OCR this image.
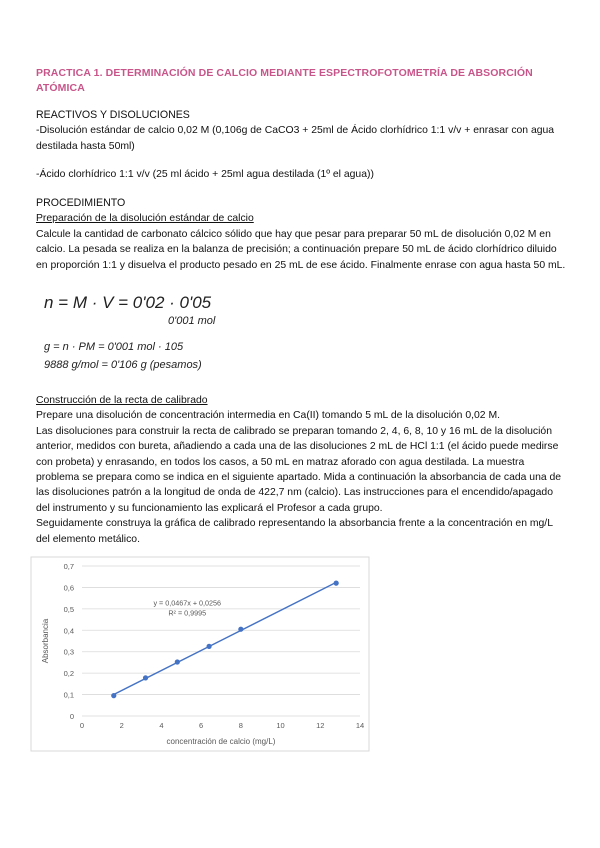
PRACTICA 1. DETERMINACIÓN DE CALCIO MEDIANTE ESPECTROFOTOMETRÍA DE ABSORCIÓN ATÓMICA
REACTIVOS Y DISOLUCIONES
-Disolución estándar de calcio 0,02 M (0,106g de CaCO3 + 25ml de Ácido clorhídrico 1:1 v/v + enrasar con agua destilada hasta 50ml)
-Ácido clorhídrico 1:1 v/v (25 ml ácido + 25ml agua destilada (1º el agua))
PROCEDIMIENTO
Preparación de la disolución estándar de calcio
Calcule la cantidad de carbonato cálcico sólido que hay que pesar para preparar 50 mL de disolución 0,02 M en calcio. La pesada se realiza en la balanza de precisión; a continuación prepare 50 mL de ácido clorhídrico diluido en proporción 1:1 y disuelva el producto pesado en 25 mL de ese ácido. Finalmente enrase con agua hasta 50 mL.
n = M · V = 0'02 · 0'05
0'001 mol
g = n · PM = 0'001 mol · 105
9888 g/mol = 0'106 g (pesamos)
Construcción de la recta de calibrado
Prepare una disolución de concentración intermedia en Ca(II) tomando 5 mL de la disolución 0,02 M.
Las disoluciones para construir la recta de calibrado se preparan tomando 2, 4, 6, 8, 10 y 16 mL de la disolución anterior, medidos con bureta, añadiendo a cada una de las disoluciones 2 mL de HCl 1:1 (el ácido puede medirse con probeta) y enrasando, en todos los casos, a 50 mL en matraz aforado con agua destilada. La muestra problema se prepara como se indica en el siguiente apartado. Mida a continuación la absorbancia de cada una de las disoluciones patrón a la longitud de onda de 422,7 nm (calcio). Las instrucciones para el encendido/apagado del instrumento y su funcionamiento las explicará el Profesor a cada grupo.
Seguidamente construya la gráfica de calibrado representando la absorbancia frente a la concentración en mg/L del elemento metálico.
0
0,1
0,2
0,3
0,4
0,5
0,6
0,7
0	2	4	6	8	10	12	14
Absorbancia
concentración de calcio (mg/L)
y = 0,0467x + 0,0256
R² = 0,9995
